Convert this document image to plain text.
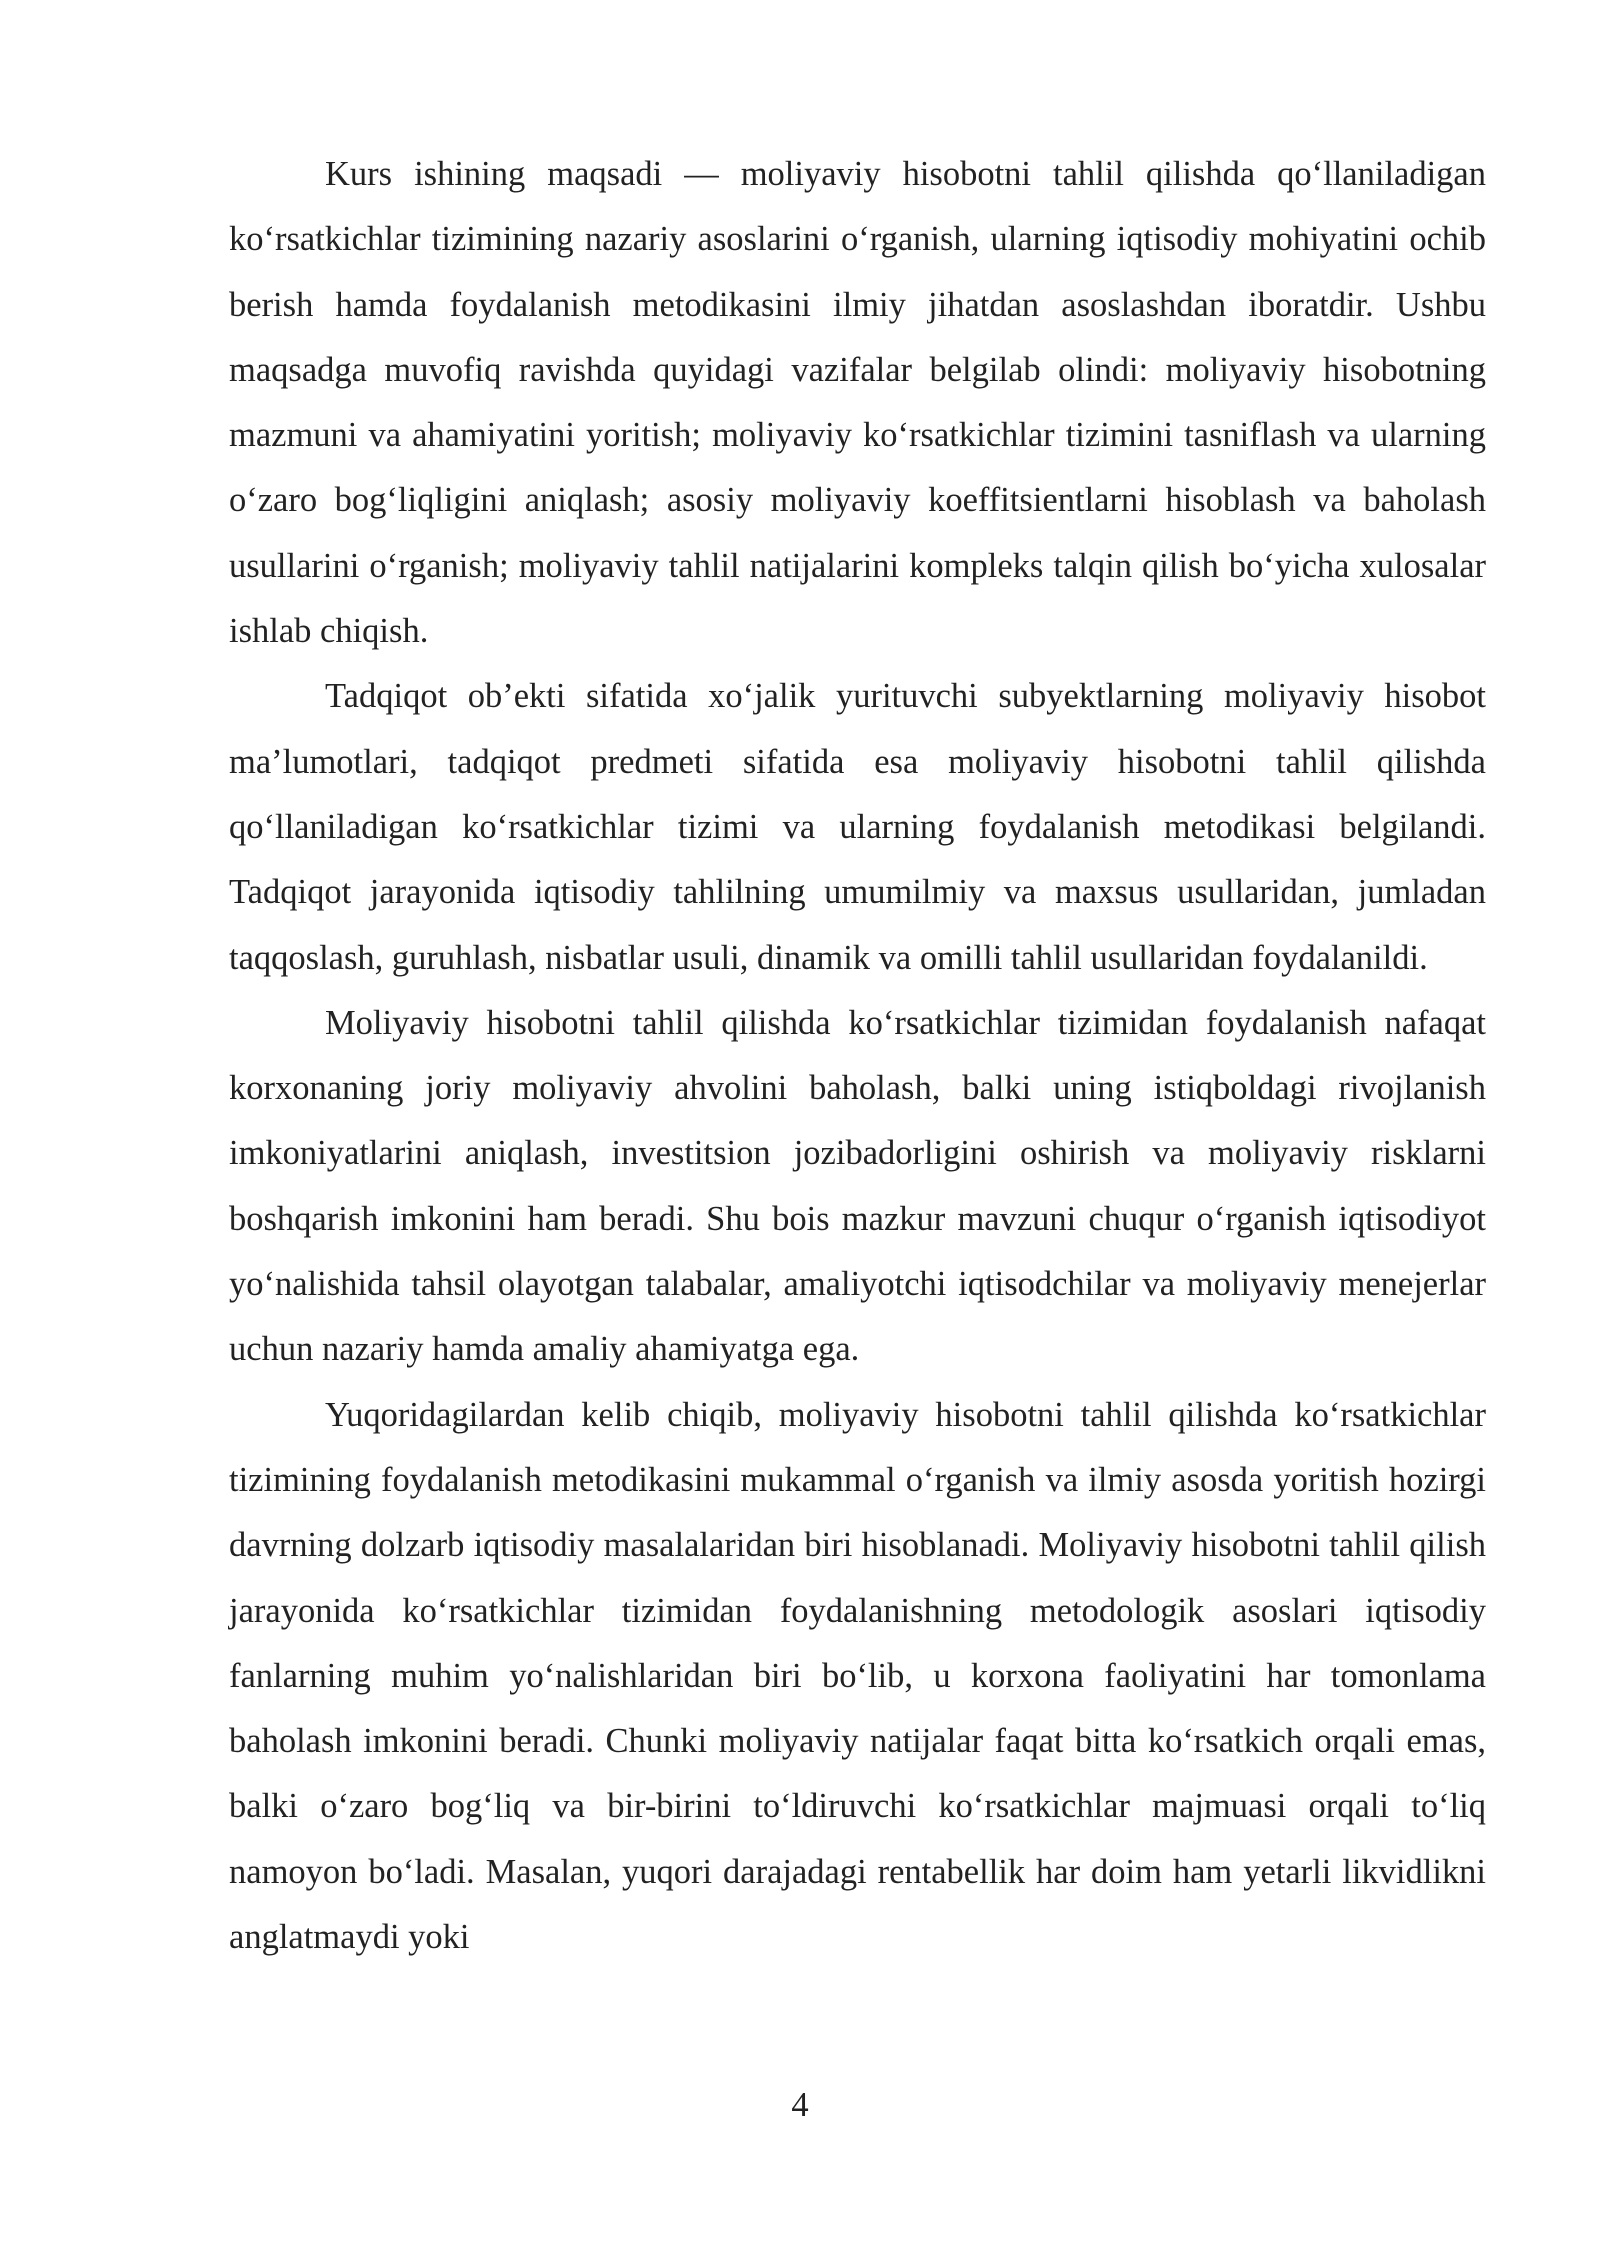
Kurs ishining maqsadi — moliyaviy hisobotni tahlil qilishda qo‘llaniladigan ko‘rsatkichlar tizimining nazariy asoslarini o‘rganish, ularning iqtisodiy mohiyatini ochib berish hamda foydalanish metodikasini ilmiy jihatdan asoslashdan iboratdir. Ushbu maqsadga muvofiq ravishda quyidagi vazifalar belgilab olindi: moliyaviy hisobotning mazmuni va ahamiyatini yoritish; moliyaviy ko‘rsatkichlar tizimini tasniflash va ularning o‘zaro bog‘liqligini aniqlash; asosiy moliyaviy koeffitsientlarni hisoblash va baholash usullarini o‘rganish; moliyaviy tahlil natijalarini kompleks talqin qilish bo‘yicha xulosalar ishlab chiqish.

Tadqiqot ob’ekti sifatida xo‘jalik yurituvchi subyektlarning moliyaviy hisobot ma’lumotlari, tadqiqot predmeti sifatida esa moliyaviy hisobotni tahlil qilishda qo‘llaniladigan ko‘rsatkichlar tizimi va ularning foydalanish metodikasi belgilandi. Tadqiqot jarayonida iqtisodiy tahlilning umumilmiy va maxsus usullaridan, jumladan taqqoslash, guruhlash, nisbatlar usuli, dinamik va omilli tahlil usullaridan foydalanildi.

Moliyaviy hisobotni tahlil qilishda ko‘rsatkichlar tizimidan foydalanish nafaqat korxonaning joriy moliyaviy ahvolini baholash, balki uning istiqboldagi rivojlanish imkoniyatlarini aniqlash, investitsion jozibadorligini oshirish va moliyaviy risklarni boshqarish imkonini ham beradi. Shu bois mazkur mavzuni chuqur o‘rganish iqtisodiyot yo‘nalishida tahsil olayotgan talabalar, amaliyotchi iqtisodchilar va moliyaviy menejerlar uchun nazariy hamda amaliy ahamiyatga ega.

Yuqoridagilardan kelib chiqib, moliyaviy hisobotni tahlil qilishda ko‘rsatkichlar tizimining foydalanish metodikasini mukammal o‘rganish va ilmiy asosda yoritish hozirgi davrning dolzarb iqtisodiy masalalaridan biri hisoblanadi. Moliyaviy hisobotni tahlil qilish jarayonida ko‘rsatkichlar tizimidan foydalanishning metodologik asoslari iqtisodiy fanlarning muhim yo‘nalishlaridan biri bo‘lib, u korxona faoliyatini har tomonlama baholash imkonini beradi. Chunki moliyaviy natijalar faqat bitta ko‘rsatkich orqali emas, balki o‘zaro bog‘liq va bir-birini to‘ldiruvchi ko‘rsatkichlar majmuasi orqali to‘liq namoyon bo‘ladi. Masalan, yuqori darajadagi rentabellik har doim ham yetarli likvidlikni anglatmaydi yoki

4
